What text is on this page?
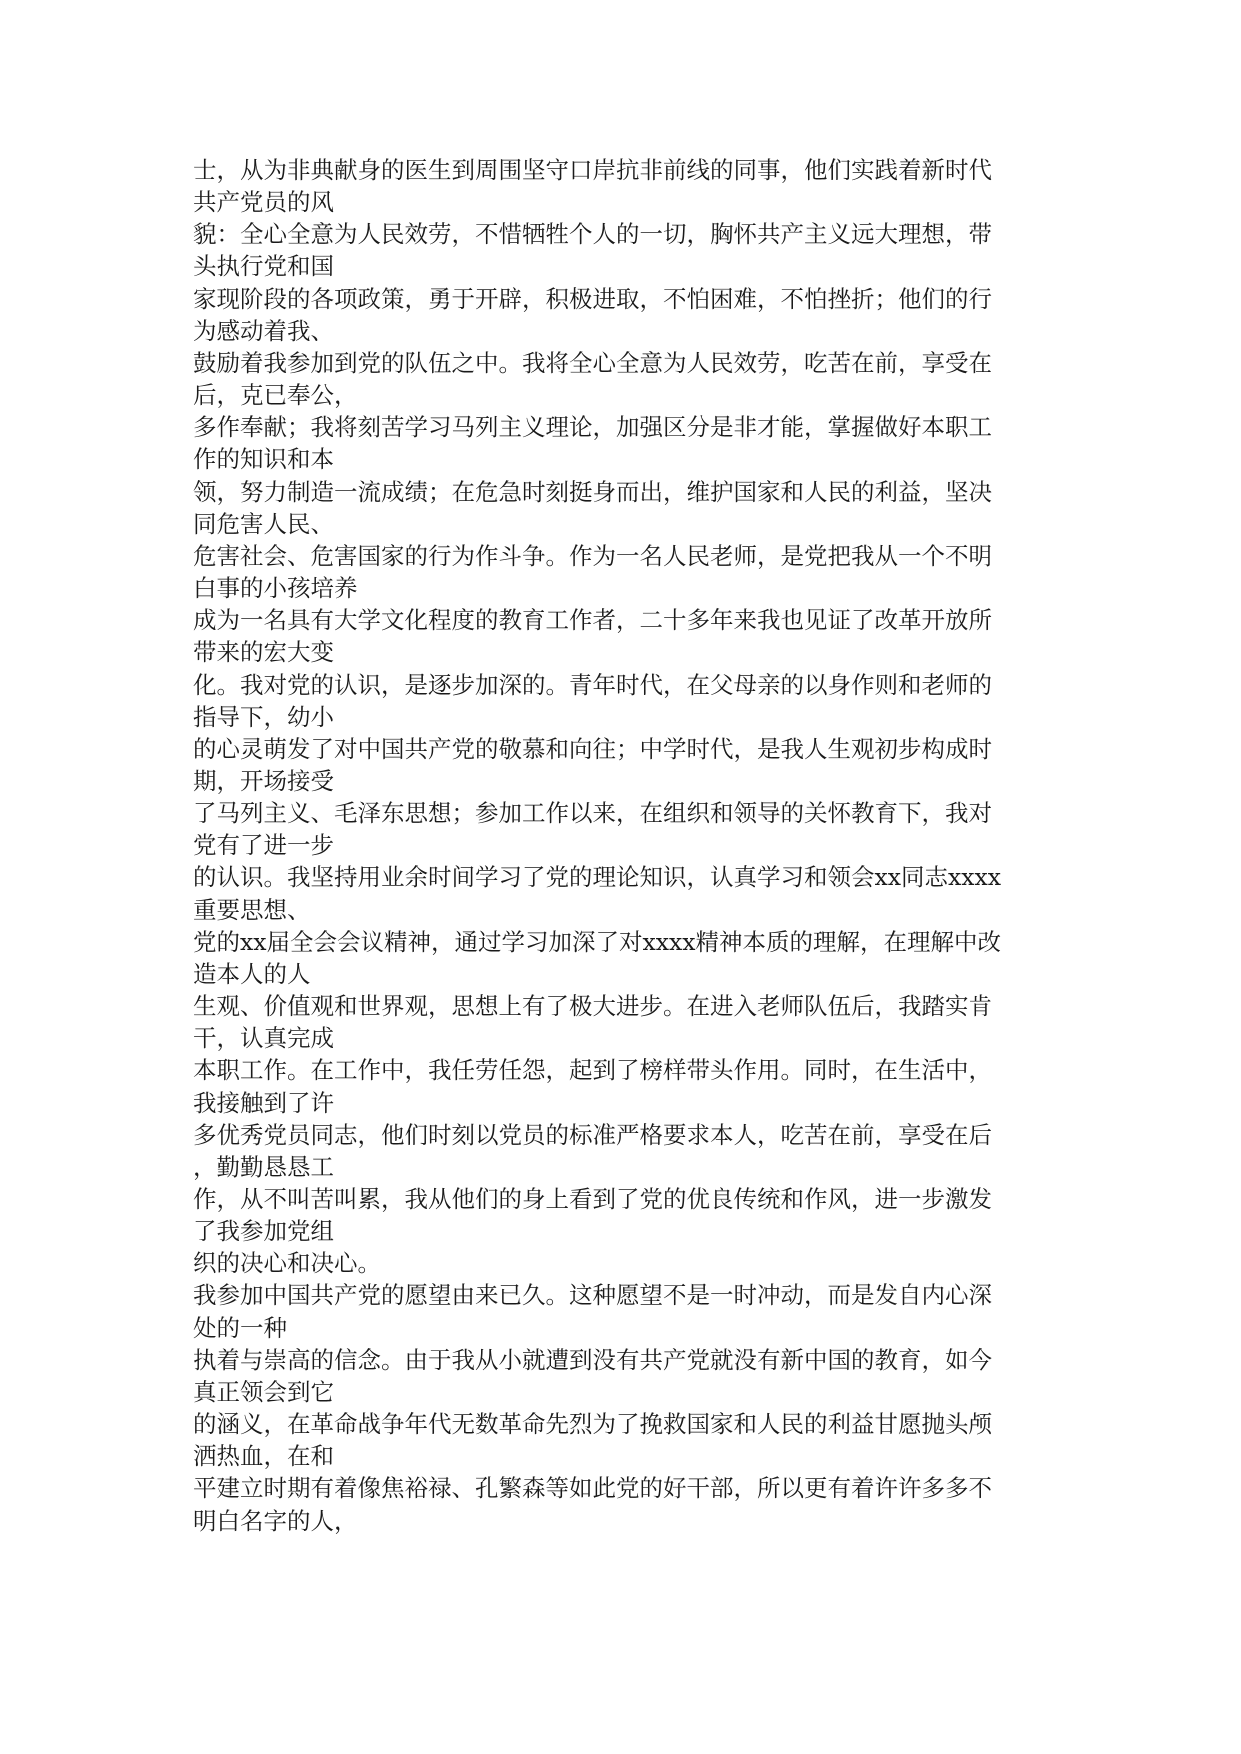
士，从为非典献身的医生到周围坚守口岸抗非前线的同事，他们实践着新时代
共产党员的风
貌：全心全意为人民效劳，不惜牺牲个人的一切，胸怀共产主义远大理想，带
头执行党和国
家现阶段的各项政策，勇于开辟，积极进取，不怕困难，不怕挫折；他们的行
为感动着我、
鼓励着我参加到党的队伍之中。我将全心全意为人民效劳，吃苦在前，享受在
后，克已奉公，
多作奉献；我将刻苦学习马列主义理论，加强区分是非才能，掌握做好本职工
作的知识和本
领，努力制造一流成绩；在危急时刻挺身而出，维护国家和人民的利益，坚决
同危害人民、
危害社会、危害国家的行为作斗争。作为一名人民老师，是党把我从一个不明
白事的小孩培养
成为一名具有大学文化程度的教育工作者，二十多年来我也见证了改革开放所
带来的宏大变
化。我对党的认识，是逐步加深的。青年时代，在父母亲的以身作则和老师的
指导下，幼小
的心灵萌发了对中国共产党的敬慕和向往；中学时代，是我人生观初步构成时
期，开场接受
了马列主义、毛泽东思想；参加工作以来，在组织和领导的关怀教育下，我对
党有了进一步
的认识。我坚持用业余时间学习了党的理论知识，认真学习和领会xx同志xxxx
重要思想、
党的xx届全会会议精神，通过学习加深了对xxxx精神本质的理解，在理解中改
造本人的人
生观、价值观和世界观，思想上有了极大进步。在进入老师队伍后，我踏实肯
干，认真完成
本职工作。在工作中，我任劳任怨，起到了榜样带头作用。同时，在生活中，
我接触到了许
多优秀党员同志，他们时刻以党员的标准严格要求本人，吃苦在前，享受在后
，勤勤恳恳工
作，从不叫苦叫累，我从他们的身上看到了党的优良传统和作风，进一步激发
了我参加党组
织的决心和决心。
我参加中国共产党的愿望由来已久。这种愿望不是一时冲动，而是发自内心深
处的一种
执着与崇高的信念。由于我从小就遭到没有共产党就没有新中国的教育，如今
真正领会到它
的涵义，在革命战争年代无数革命先烈为了挽救国家和人民的利益甘愿抛头颅
洒热血，在和
平建立时期有着像焦裕禄、孔繁森等如此党的好干部，所以更有着许许多多不
明白名字的人，
